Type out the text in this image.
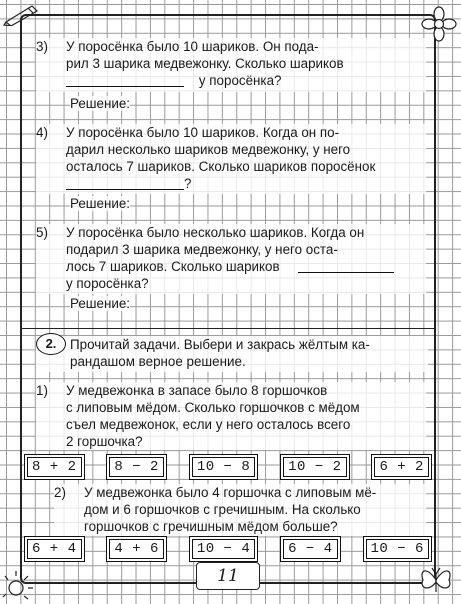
3) У поросёнка было 10 шариков. Он пода-
рил 3 шарика медвежонку. Сколько шариков
у поросёнка?
Решение:
4) У поросёнка было 10 шариков. Когда он по-
дарил несколько шариков медвежонку, у него
осталось 7 шариков. Сколько шариков поросёнок
?
Решение:
5) У поросёнка было несколько шариков. Когда он
подарил 3 шарика медвежонку, у него оста-
лось 7 шариков. Сколько шариков
у поросёнка?
Решение:
2.	Прочитай задачи. Выбери и закрась жёлтым ка-
рандашом верное решение.
1) У медвежонка в запасе было 8 горшочков
с липовым мёдом. Сколько горшочков с мёдом
съел медвежонок, если у него осталось всего
2 горшочка?
8 + 2	8 − 2	10 − 8	10 − 2	6 + 2
2) У медвежонка было 4 горшочка с липовым мё-
дом и 6 горшочков с гречишным. На сколько
горшочков с гречишным мёдом больше?
6 + 4	4 + 6	10 − 4	6 − 4	10 − 6
11
